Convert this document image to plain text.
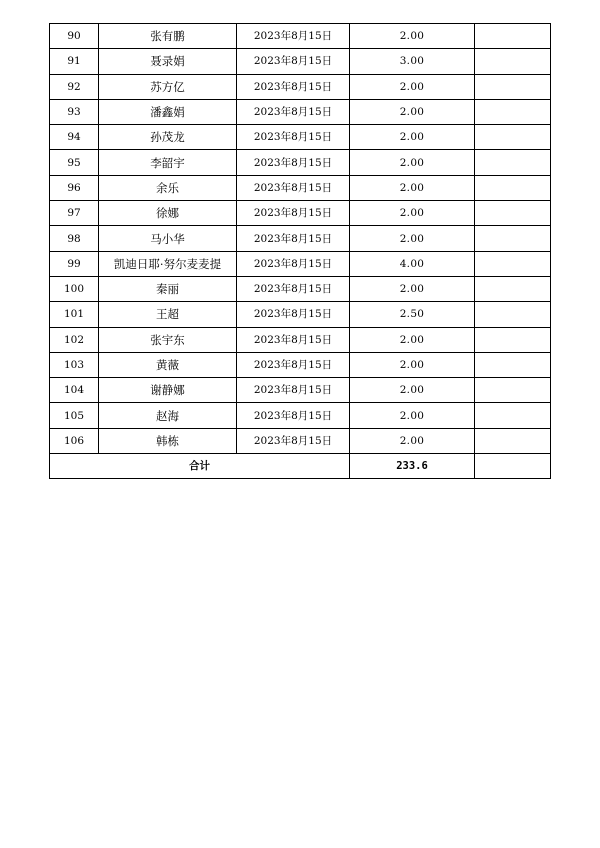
90	张有鹏	2023年8月15日	2.00	
91	聂录娟	2023年8月15日	3.00	
92	苏方亿	2023年8月15日	2.00	
93	潘鑫娟	2023年8月15日	2.00	
94	孙茂龙	2023年8月15日	2.00	
95	李韶宇	2023年8月15日	2.00	
96	余乐	2023年8月15日	2.00	
97	徐娜	2023年8月15日	2.00	
98	马小华	2023年8月15日	2.00	
99	凯迪日耶·努尔麦麦提	2023年8月15日	4.00	
100	秦丽	2023年8月15日	2.00	
101	王超	2023年8月15日	2.50	
102	张宇东	2023年8月15日	2.00	
103	黄薇	2023年8月15日	2.00	
104	谢静娜	2023年8月15日	2.00	
105	赵海	2023年8月15日	2.00	
106	韩栋	2023年8月15日	2.00	
合计			233.6	
